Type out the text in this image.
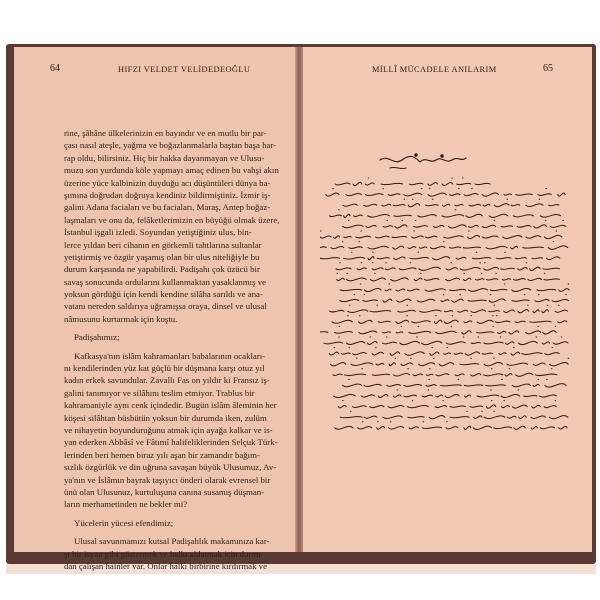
64	HIFZI VELDET VELİDEDEOĞLU	MİLLÎ MÜCADELE ANILARIM	65
rine, şâhâne ülkelerinizin en bayındır ve en mutlu bir par-
çası nasıl ateşle, yağma ve boğazlanmalarla baştan başa har-
rap oldu, bilirsiniz. Hiç bir hakka dayanmayan ve Ulusu-
muzu son yurdunda köle yapmayı amaç edinen bu vahşi akın
üzerine yüce kalbinizin duyduğu acı düşüntüleri dünya ba-
şımına doğrudan doğruya kendiniz bildirmiştiniz. İzmir iş-
galini Adana faciaları ve bu faciaları, Maraş, Antep boğaz-
laşmaları ve onu da, felâketlerimizin en büyüğü olmak üzere,
İstanbul işgali izledi. Soyundan yetiştiğiniz ulus, bin-
lerce yıldan beri cihanın en görkemli tahtlarına sultanlar
yetiştirmiş ve özgür yaşamış olan bir ulus niteliğiyle bu
durum karşısında ne yapabilirdi. Padişahı çok üzücü bir
savaş sonucunda ordularını kullanmaktan yasaklanmış ve
yoksun gördüğü için kendi kendine silâha sarıldı ve ana-
vatanı nereden saldırıya uğramışsa oraya, dinsel ve ulusal
nâmusunu kurtarmak için koştu.
Padişahımız;
Kafkasya'nın islâm kahramanları babalarının ocakları-
nı kendilerinden yüz kat güçlü bir düşmana karşı otuz yıl
kadın erkek savundular. Zavallı Fas on yıldır ki Fransız iş-
galini tanımıyor ve silâhını teslim etmiyor. Trablus bir
kahramaniyle aynı cenk içindedir. Bugün islâm âleminin her
köşesi silâhtan büsbütün yoksun bir durumda iken, zulüm
ve nihayetin boyunduruğunu atmak için ayağa kalkar ve is-
yan ederken Abbâsî ve Fâtımî halifeliklerinden Selçuk Türk-
lerinden beri hemen biraz yılı aşan bir zamandır bağım-
sızlık özgürlük ve din uğruna savaşan büyük Ulusumuz, Av-
ya'nın ve İslâmın bayrak taşıyıcı önderi olarak evrensel bir
ünü olan Ulusunuz, kurtuluşuna canına susamış düşman-
ların merhametinden ne bekler mi?
Yücelerin yücesi efendimiz;
Ulusal savunmamızı kutsal Padişahlık makamınıza kar-
şı bir isyan gibi göstermek ve halkı aldatmak için durmı-
dan çalışan hainler var. Onlar halkı birbirine kırdırmak ve
